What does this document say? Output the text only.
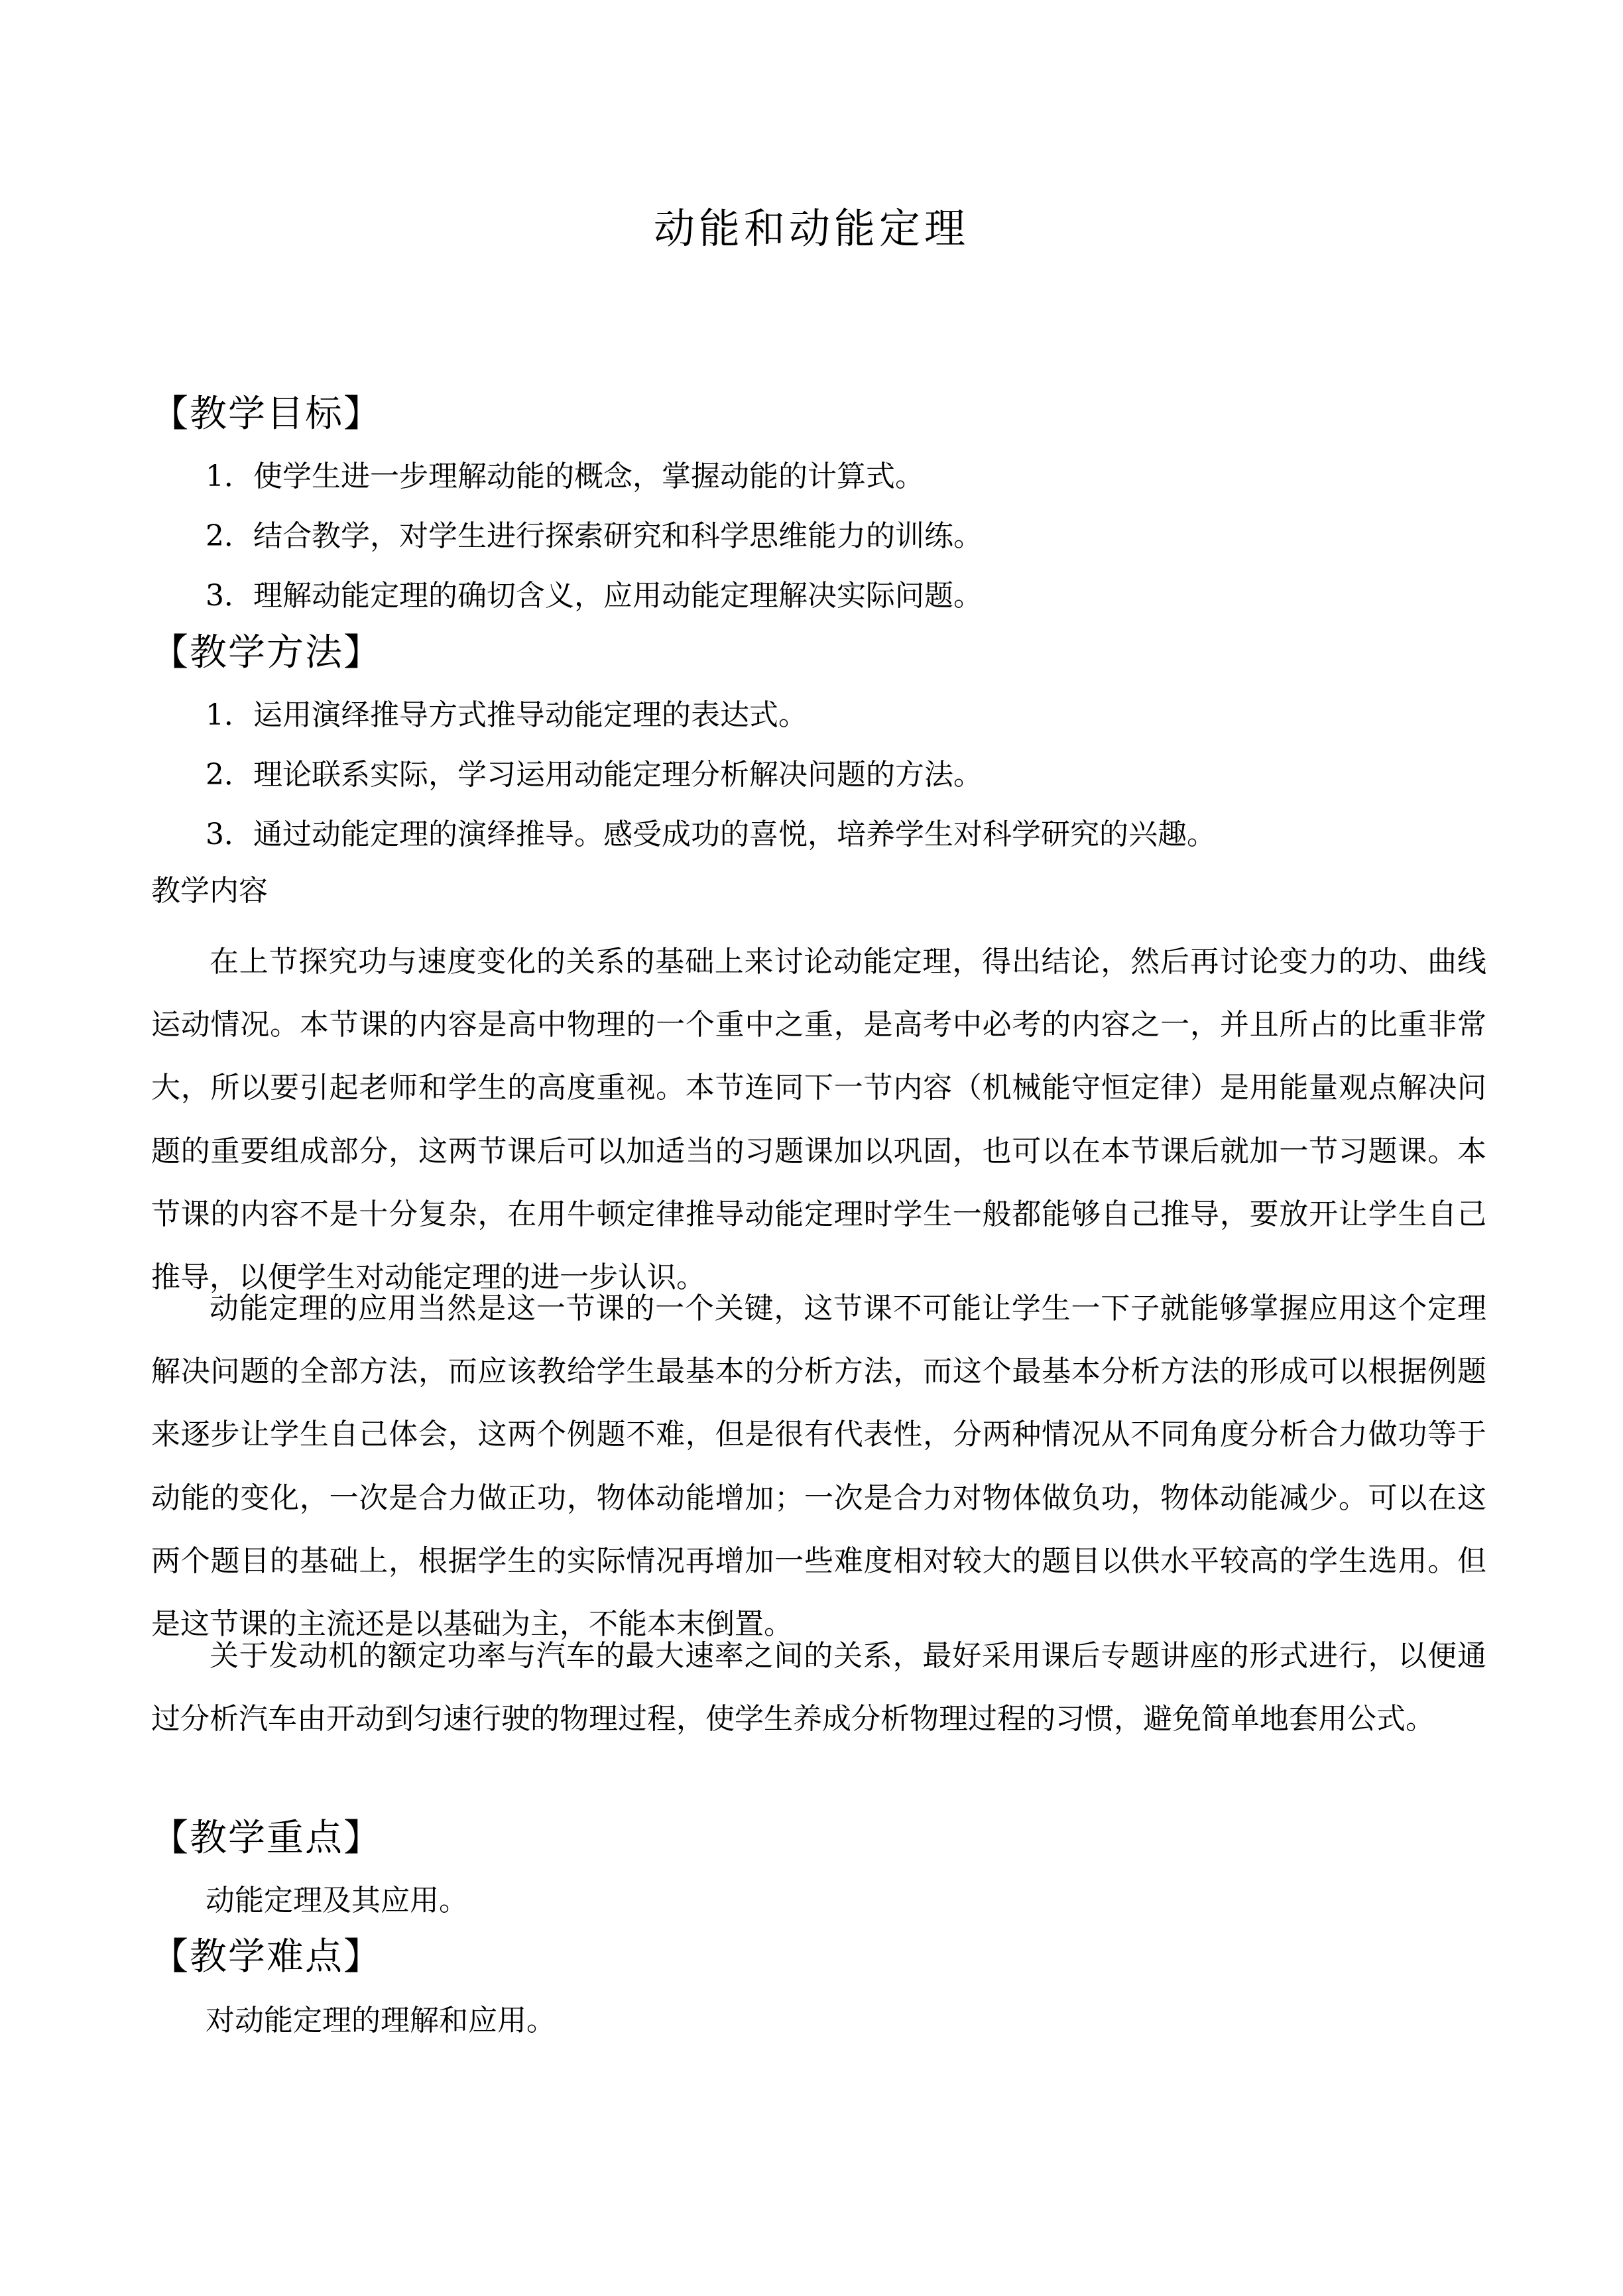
动能和动能定理
【教学目标】
1．使学生进一步理解动能的概念，掌握动能的计算式。
2．结合教学，对学生进行探索研究和科学思维能力的训练。
3．理解动能定理的确切含义，应用动能定理解决实际问题。
【教学方法】
1．运用演绎推导方式推导动能定理的表达式。
2．理论联系实际，学习运用动能定理分析解决问题的方法。
3．通过动能定理的演绎推导。感受成功的喜悦，培养学生对科学研究的兴趣。
教学内容

在上节探究功与速度变化的关系的基础上来讨论动能定理，得出结论，然后再讨论变力的功、曲线运动情况。本节课的内容是高中物理的一个重中之重，是高考中必考的内容之一，并且所占的比重非常大，所以要引起老师和学生的高度重视。本节连同下一节内容（机械能守恒定律）是用能量观点解决问题的重要组成部分，这两节课后可以加适当的习题课加以巩固，也可以在本节课后就加一节习题课。本节课的内容不是十分复杂，在用牛顿定律推导动能定理时学生一般都能够自己推导，要放开让学生自己推导，以便学生对动能定理的进一步认识。

动能定理的应用当然是这一节课的一个关键，这节课不可能让学生一下子就能够掌握应用这个定理解决问题的全部方法，而应该教给学生最基本的分析方法，而这个最基本分析方法的形成可以根据例题来逐步让学生自己体会，这两个例题不难，但是很有代表性，分两种情况从不同角度分析合力做功等于动能的变化，一次是合力做正功，物体动能增加；一次是合力对物体做负功，物体动能减少。可以在这两个题目的基础上，根据学生的实际情况再增加一些难度相对较大的题目以供水平较高的学生选用。但是这节课的主流还是以基础为主，不能本末倒置。

关于发动机的额定功率与汽车的最大速率之间的关系，最好采用课后专题讲座的形式进行，以便通过分析汽车由开动到匀速行驶的物理过程，使学生养成分析物理过程的习惯，避免简单地套用公式。

【教学重点】
动能定理及其应用。
【教学难点】
对动能定理的理解和应用。
